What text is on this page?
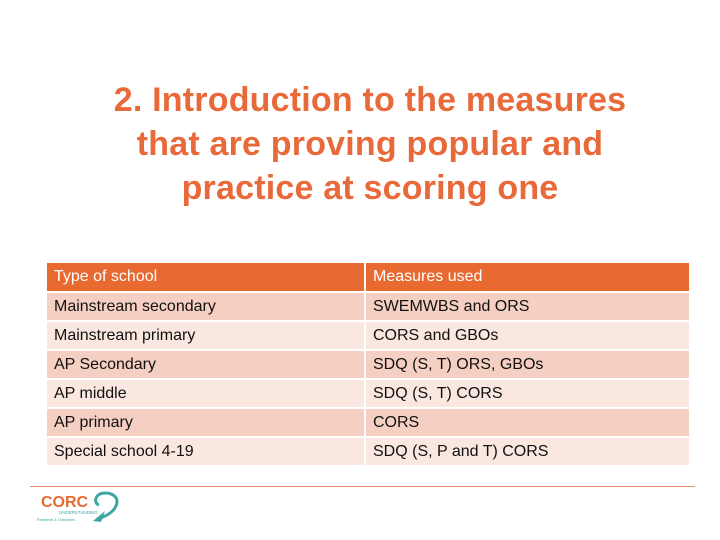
2. Introduction to the measures
that are proving popular and
practice at scoring one
Type of school	Measures used
Mainstream secondary	SWEMWBS and ORS
Mainstream primary	CORS and GBOs
AP Secondary	SDQ (S, T) ORS, GBOs
AP middle	SDQ (S, T) CORS
AP primary	CORS
Special school 4-19	SDQ (S, P and T) CORS
CORC
UNDERSTANDING
Research & Outcomes
